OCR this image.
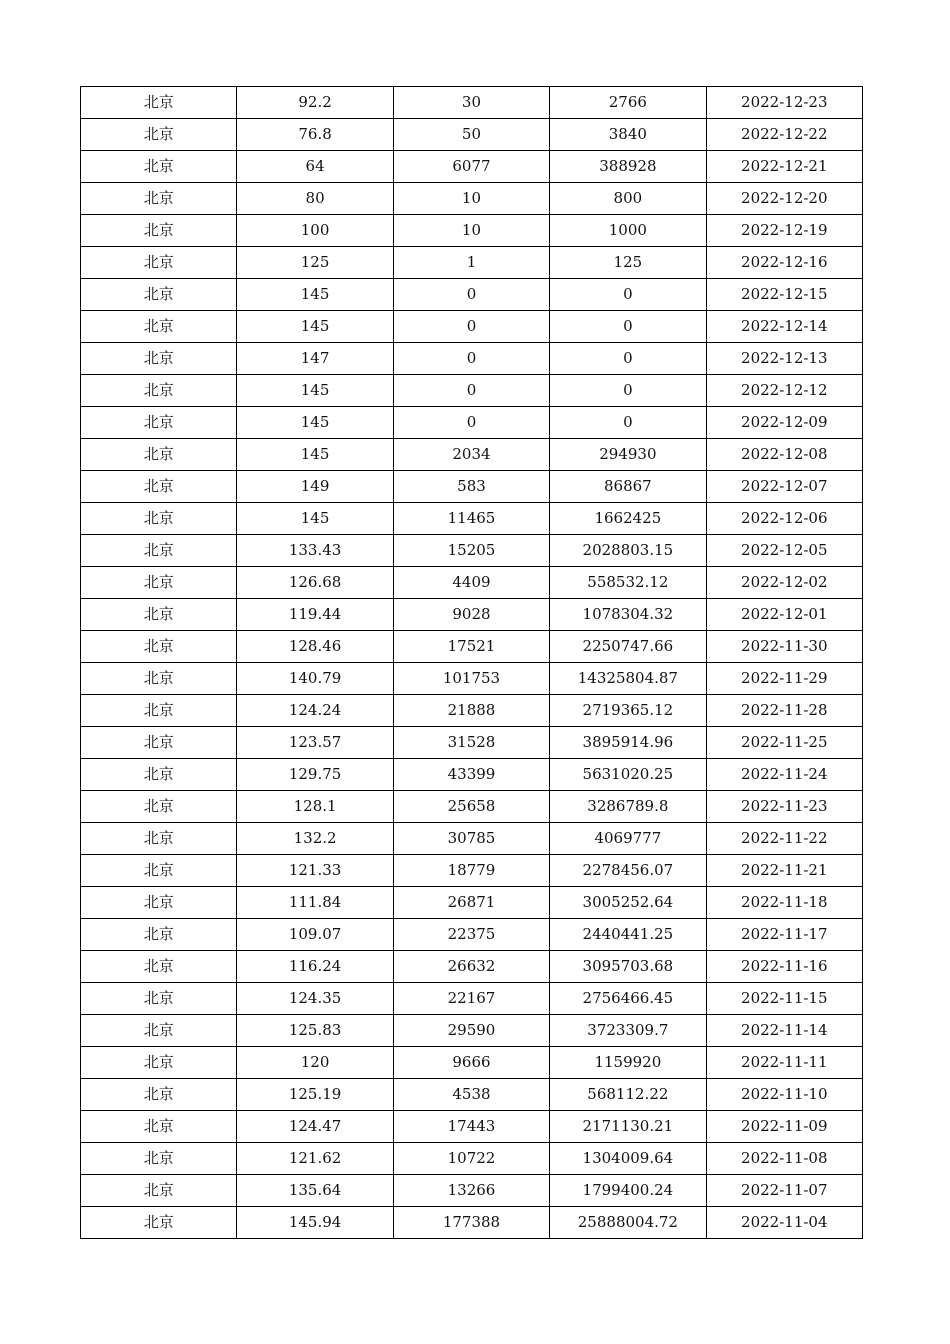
北京	92.2	30	2766	2022-12-23
北京	76.8	50	3840	2022-12-22
北京	64	6077	388928	2022-12-21
北京	80	10	800	2022-12-20
北京	100	10	1000	2022-12-19
北京	125	1	125	2022-12-16
北京	145	0	0	2022-12-15
北京	145	0	0	2022-12-14
北京	147	0	0	2022-12-13
北京	145	0	0	2022-12-12
北京	145	0	0	2022-12-09
北京	145	2034	294930	2022-12-08
北京	149	583	86867	2022-12-07
北京	145	11465	1662425	2022-12-06
北京	133.43	15205	2028803.15	2022-12-05
北京	126.68	4409	558532.12	2022-12-02
北京	119.44	9028	1078304.32	2022-12-01
北京	128.46	17521	2250747.66	2022-11-30
北京	140.79	101753	14325804.87	2022-11-29
北京	124.24	21888	2719365.12	2022-11-28
北京	123.57	31528	3895914.96	2022-11-25
北京	129.75	43399	5631020.25	2022-11-24
北京	128.1	25658	3286789.8	2022-11-23
北京	132.2	30785	4069777	2022-11-22
北京	121.33	18779	2278456.07	2022-11-21
北京	111.84	26871	3005252.64	2022-11-18
北京	109.07	22375	2440441.25	2022-11-17
北京	116.24	26632	3095703.68	2022-11-16
北京	124.35	22167	2756466.45	2022-11-15
北京	125.83	29590	3723309.7	2022-11-14
北京	120	9666	1159920	2022-11-11
北京	125.19	4538	568112.22	2022-11-10
北京	124.47	17443	2171130.21	2022-11-09
北京	121.62	10722	1304009.64	2022-11-08
北京	135.64	13266	1799400.24	2022-11-07
北京	145.94	177388	25888004.72	2022-11-04
